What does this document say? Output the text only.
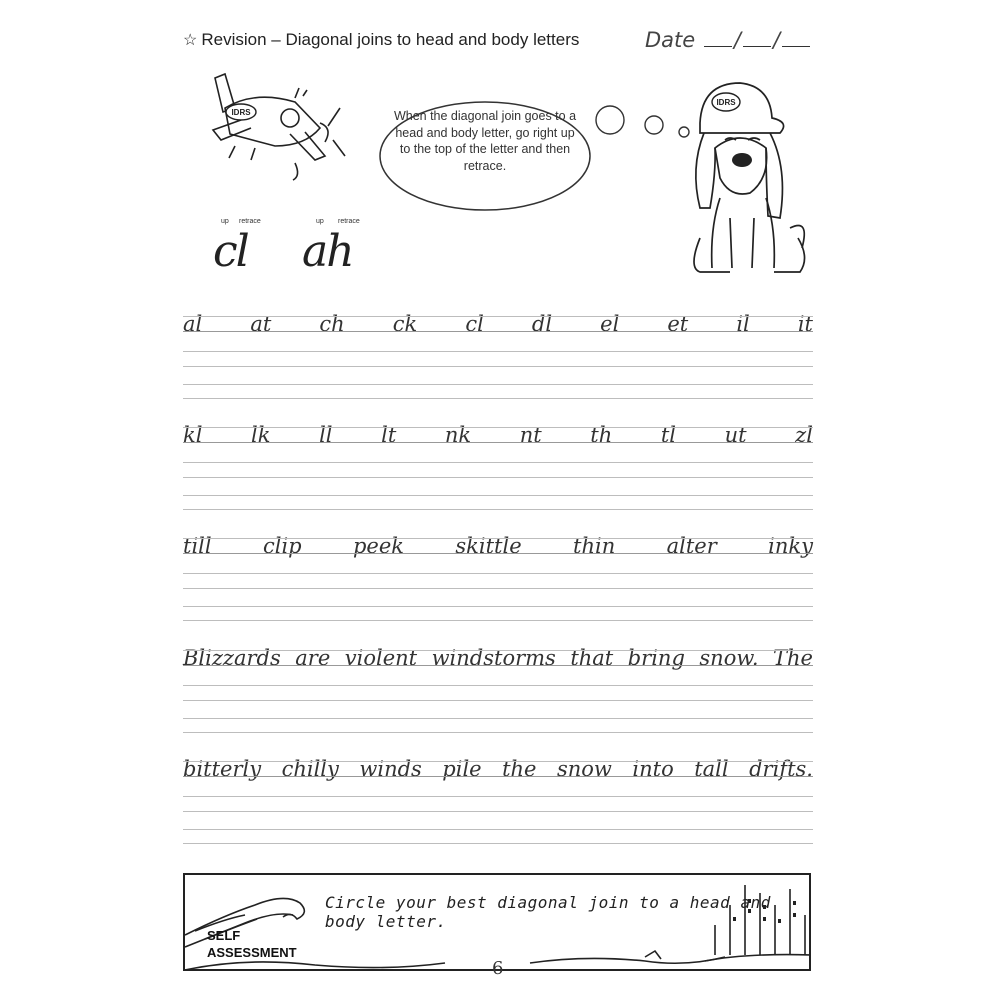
☆ Revision – Diagonal joins to head and body letters	Date / /
IDRS	When the diagonal join goes to a head and body letter, go right up to the top of the letter and then retrace.
IDRS
up retrace
cl
up retrace
ah
al at ch ck cl dl el et il it
kl lk ll lt nk nt th tl ut zl
till clip peek skittle thin alter inky
Blizzards are violent windstorms that bring snow. The
bitterly chilly winds pile the snow into tall drifts.
Circle your best diagonal join to a head and body letter.
SELF
ASSESSMENT
6
